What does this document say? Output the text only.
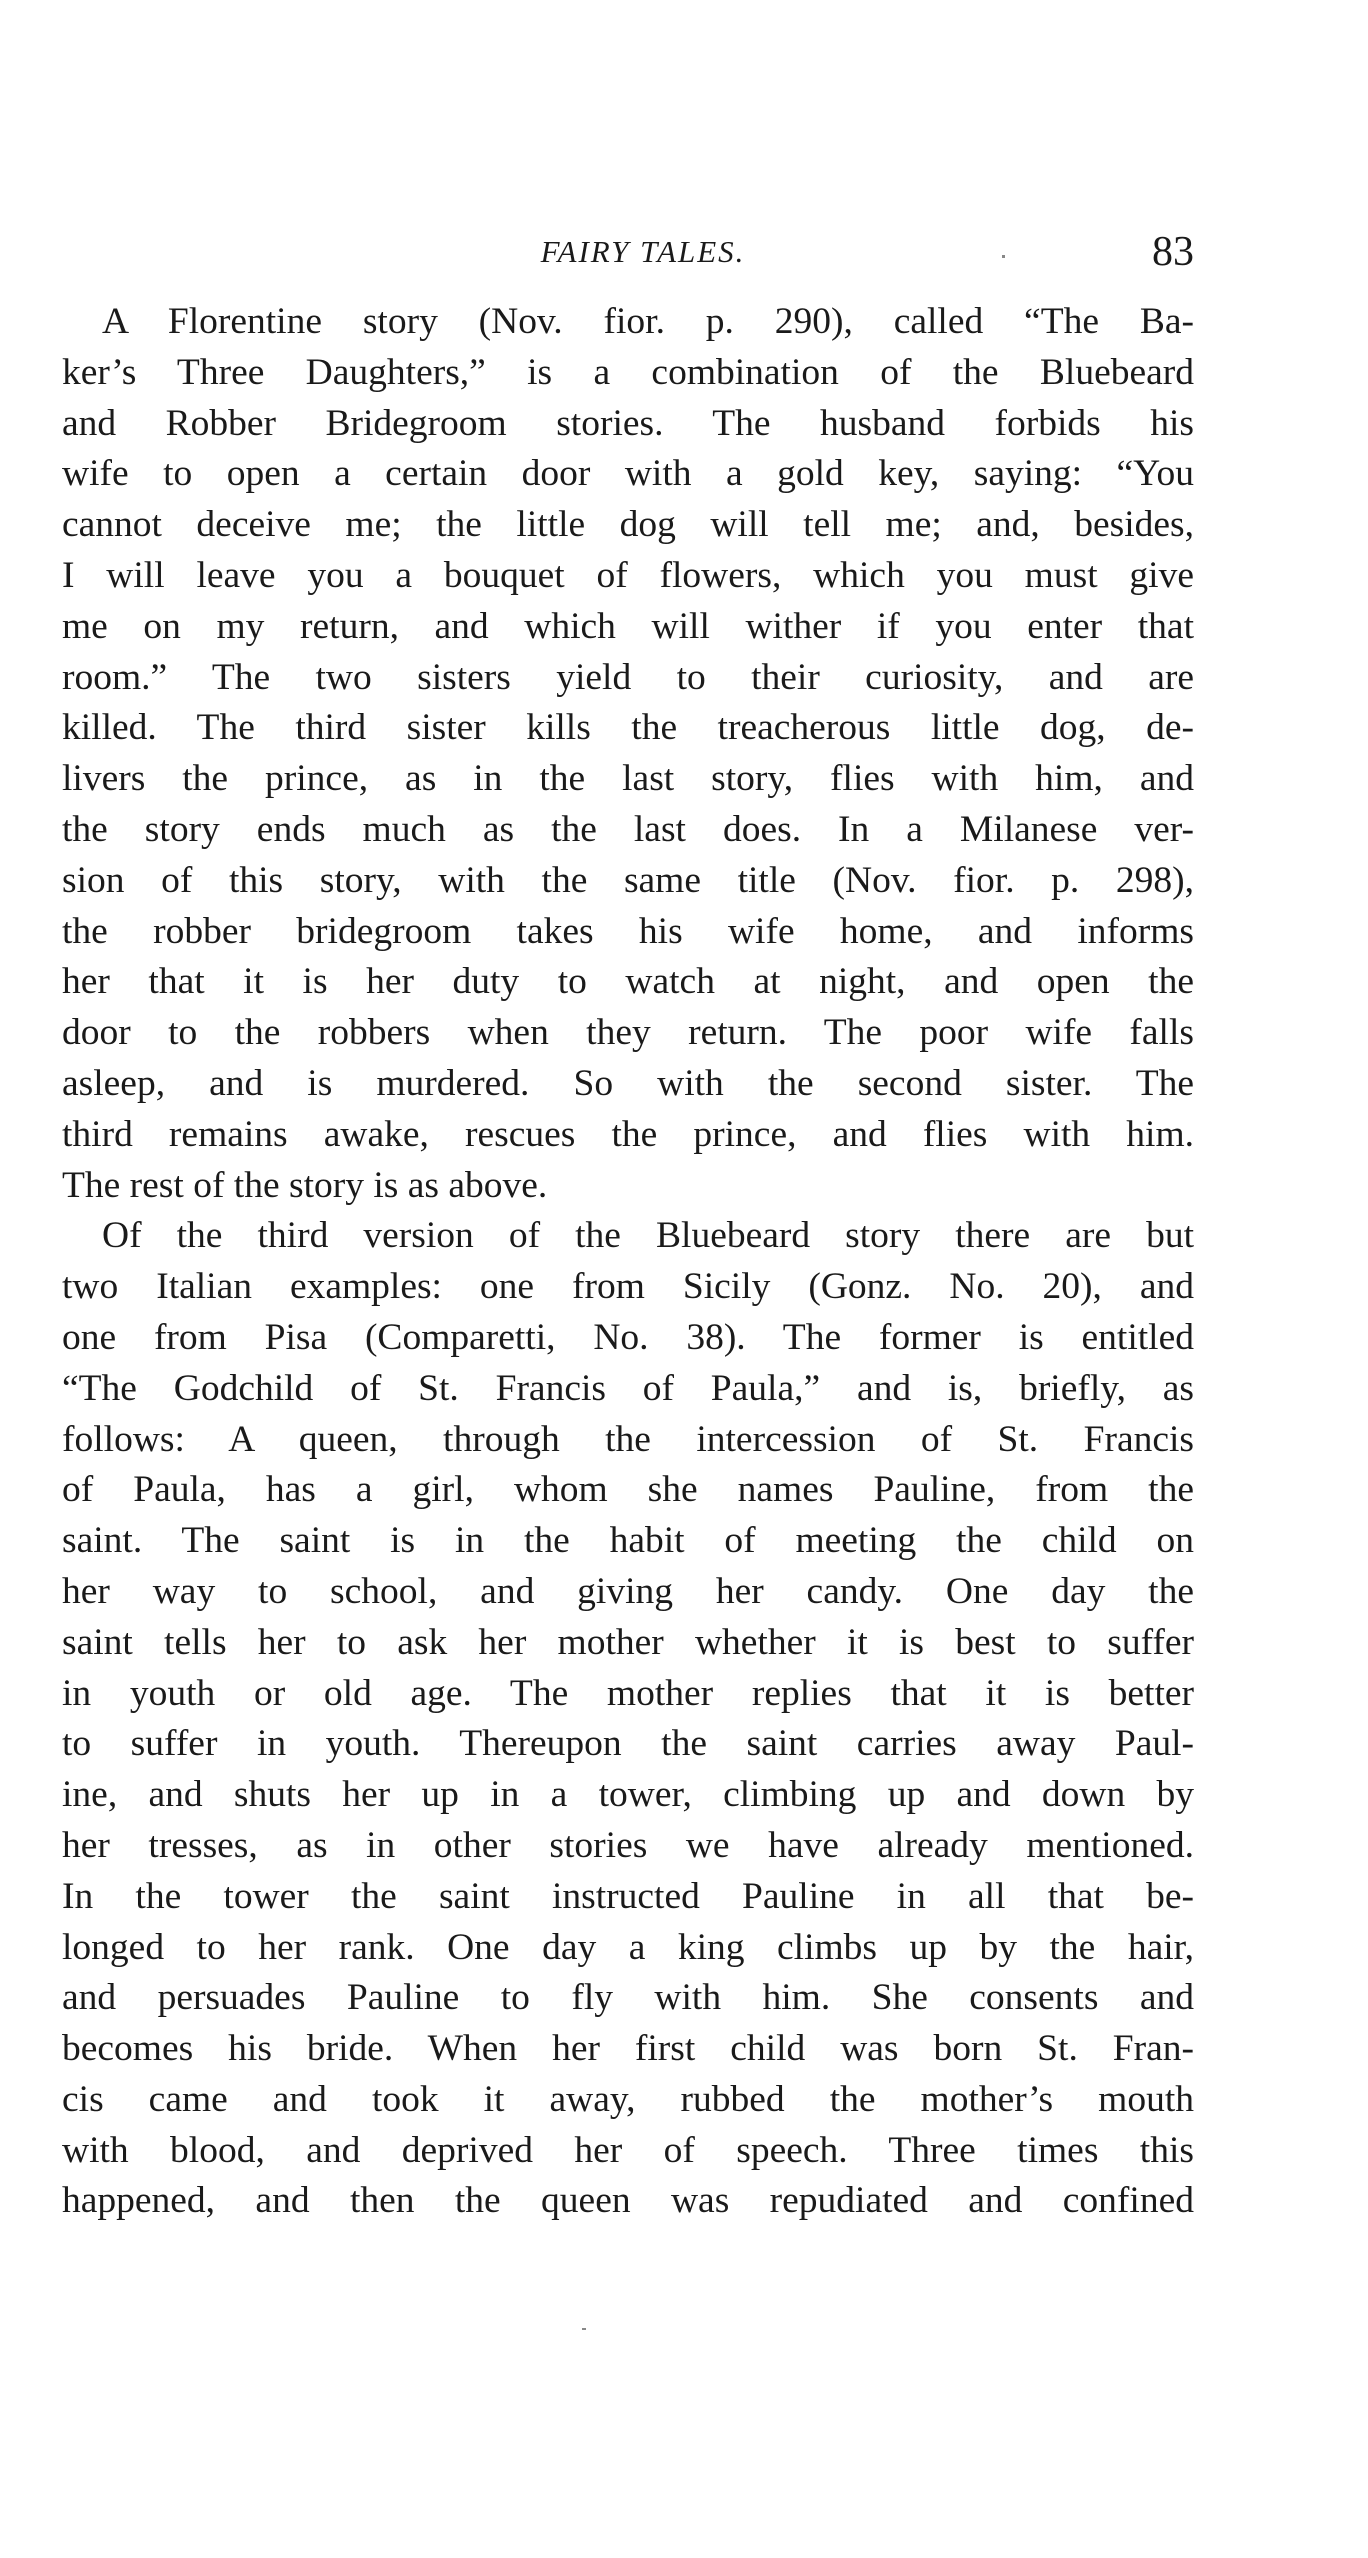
FAIRY TALES.	83
A Florentine story (Nov. fior. p. 290), called “The Ba-
ker’s Three Daughters,” is a combination of the Bluebeard
and Robber Bridegroom stories. The husband forbids his
wife to open a certain door with a gold key, saying: “You
cannot deceive me; the little dog will tell me; and, besides,
I will leave you a bouquet of flowers, which you must give
me on my return, and which will wither if you enter that
room.” The two sisters yield to their curiosity, and are
killed. The third sister kills the treacherous little dog, de-
livers the prince, as in the last story, flies with him, and
the story ends much as the last does. In a Milanese ver-
sion of this story, with the same title (Nov. fior. p. 298),
the robber bridegroom takes his wife home, and informs
her that it is her duty to watch at night, and open the
door to the robbers when they return. The poor wife falls
asleep, and is murdered. So with the second sister. The
third remains awake, rescues the prince, and flies with him.
The rest of the story is as above.
Of the third version of the Bluebeard story there are but
two Italian examples: one from Sicily (Gonz. No. 20), and
one from Pisa (Comparetti, No. 38). The former is entitled
“The Godchild of St. Francis of Paula,” and is, briefly, as
follows: A queen, through the intercession of St. Francis
of Paula, has a girl, whom she names Pauline, from the
saint. The saint is in the habit of meeting the child on
her way to school, and giving her candy. One day the
saint tells her to ask her mother whether it is best to suffer
in youth or old age. The mother replies that it is better
to suffer in youth. Thereupon the saint carries away Paul-
ine, and shuts her up in a tower, climbing up and down by
her tresses, as in other stories we have already mentioned.
In the tower the saint instructed Pauline in all that be-
longed to her rank. One day a king climbs up by the hair,
and persuades Pauline to fly with him. She consents and
becomes his bride. When her first child was born St. Fran-
cis came and took it away, rubbed the mother’s mouth
with blood, and deprived her of speech. Three times this
happened, and then the queen was repudiated and confined
